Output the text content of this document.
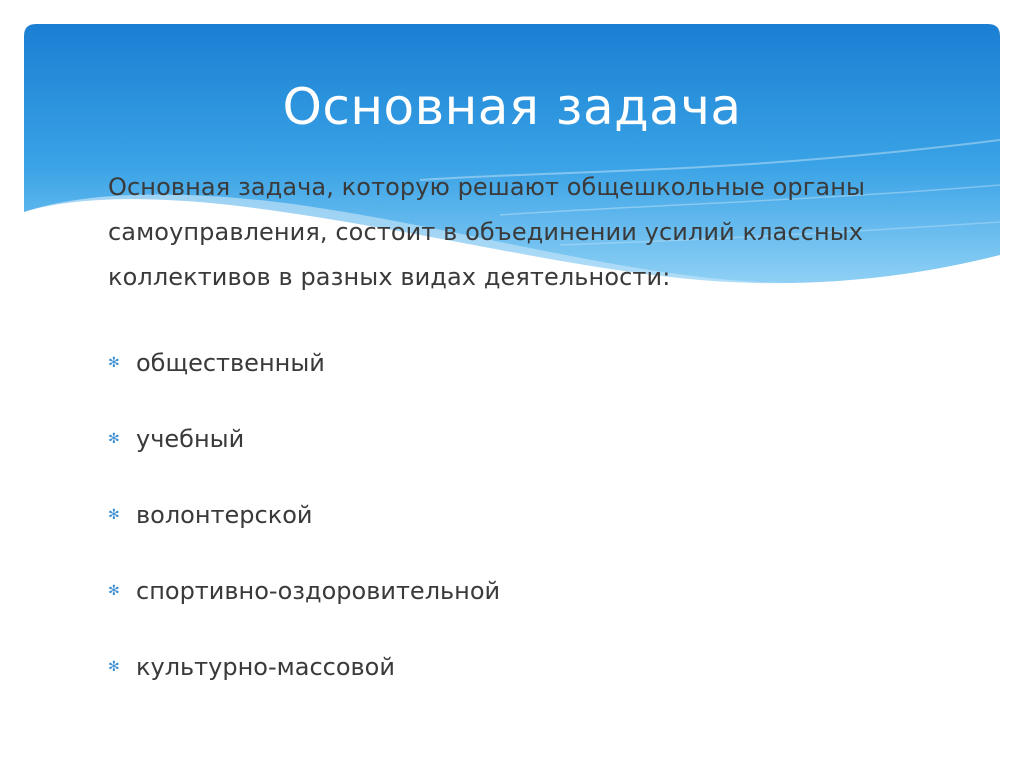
Основная задача

Основная задача, которую решают общешкольные органы самоуправления, состоит в объединении усилий классных коллективов в разных видах деятельности:

✻ общественный
✻ учебный
✻ волонтерской
✻ спортивно-оздоровительной
✻ культурно-массовой
